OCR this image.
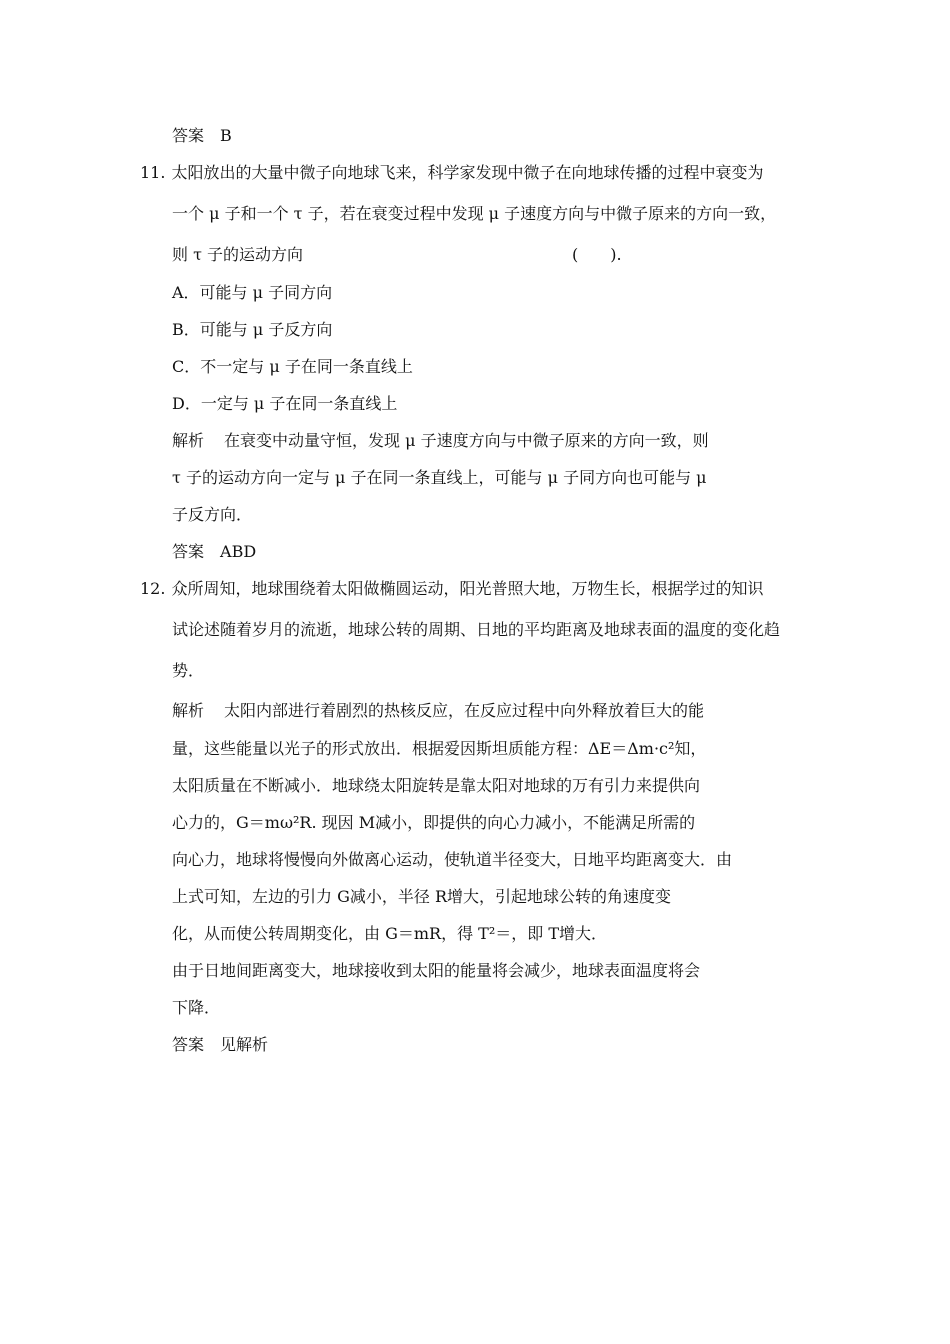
答案　 B
11. 太阳放出的大量中微子向地球飞来，科学家发现中微子在向地球传播的过程中衰变为
一个 μ 子和一个 τ 子，若在衰变过程中发现 μ 子速度方向与中微子原来的方向一致，
则 τ 子的运动方向	(　　).
A．可能与 μ 子同方向
B．可能与 μ 子反方向
C．不一定与 μ 子在同一条直线上
D．一定与 μ 子在同一条直线上
解析 在衰变中动量守恒，发现 μ 子速度方向与中微子原来的方向一致，则
τ 子的运动方向一定与 μ 子在同一条直线上，可能与 μ 子同方向也可能与 μ
子反方向．
答案　 ABD
12. 众所周知，地球围绕着太阳做椭圆运动，阳光普照大地，万物生长，根据学过的知识
试论述随着岁月的流逝，地球公转的周期、日地的平均距离及地球表面的温度的变化趋
势．
解析 太阳内部进行着剧烈的热核反应，在反应过程中向外释放着巨大的能
量，这些能量以光子的形式放出．根据爱因斯坦质能方程：ΔE＝Δm·c²知，
太阳质量在不断减小．地球绕太阳旋转是靠太阳对地球的万有引力来提供向
心力的，G＝mω²R. 现因 M减小，即提供的向心力减小，不能满足所需的
向心力，地球将慢慢向外做离心运动，使轨道半径变大，日地平均距离变大．由
上式可知，左边的引力 G减小，半径 R增大，引起地球公转的角速度变
化，从而使公转周期变化，由 G＝mR，得 T²＝，即 T增大．
由于日地间距离变大，地球接收到太阳的能量将会减少，地球表面温度将会
下降．
答案　 见解析
